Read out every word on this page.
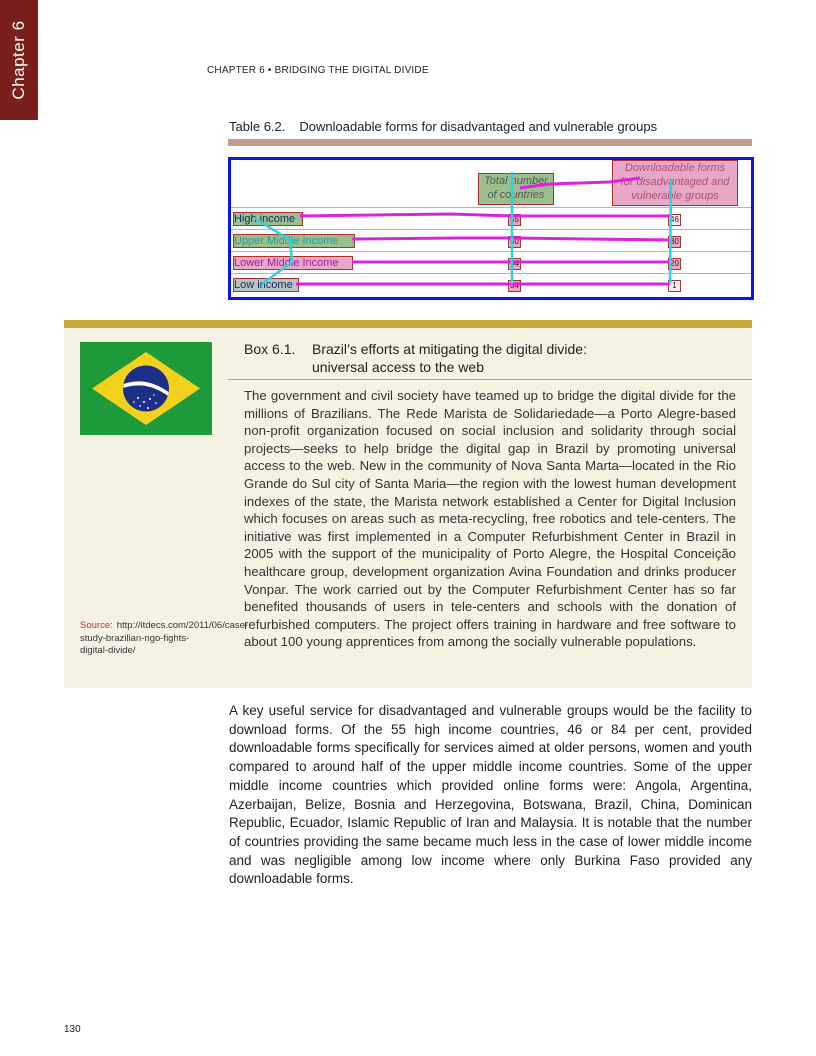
Chapter 6	CHAPTER 6 • BRIDGING THE DIGITAL DIVIDE
Table 6.2. Downloadable forms for disadvantaged and vulnerable groups
Total number
of countries
Downloadable forms
for disadvantaged and
vulnerable groups
High income	55	46
Upper Middle Income	50	30
Lower Middle Income	54	20
Low income	34	1
Box 6.1. Brazil’s efforts at mitigating the digital divide:
universal access to the web
The government and civil society have teamed up to bridge the digital divide for the millions of Brazilians. The Rede Marista de Solidariedade—a Porto Alegre-based non-profit organization focused on social inclusion and solidarity through social projects—seeks to help bridge the digital gap in Brazil by promoting universal access to the web. New in the community of Nova Santa Marta—located in the Rio Grande do Sul city of Santa Maria—the region with the lowest human development indexes of the state, the Marista network established a Center for Digital Inclusion which focuses on areas such as meta-recycling, free robotics and tele-centers. The initiative was first implemented in a Computer Refurbishment Center in Brazil in 2005 with the support of the municipality of Porto Alegre, the Hospital Conceição healthcare group, development organization Avina Foundation and drinks producer Vonpar. The work carried out by the Computer Refurbishment Center has so far benefited thousands of users in tele-centers and schools with the donation of refurbished computers. The project offers training in hardware and free software to about 100 young apprentices from among the socially vulnerable populations.
Source: http://itdecs.com/2011/06/case-study-brazilian-ngo-fights-digital-divide/
A key useful service for disadvantaged and vulnerable groups would be the facility to download forms. Of the 55 high income countries, 46 or 84 per cent, provided downloadable forms specifically for services aimed at older persons, women and youth compared to around half of the upper middle income countries. Some of the upper middle income countries which provided online forms were: Angola, Argentina, Azerbaijan, Belize, Bosnia and Herzegovina, Botswana, Brazil, China, Dominican Republic, Ecuador, Islamic Republic of Iran and Malaysia. It is notable that the number of countries providing the same became much less in the case of lower middle income and was negligible among low income where only Burkina Faso provided any downloadable forms.
130
